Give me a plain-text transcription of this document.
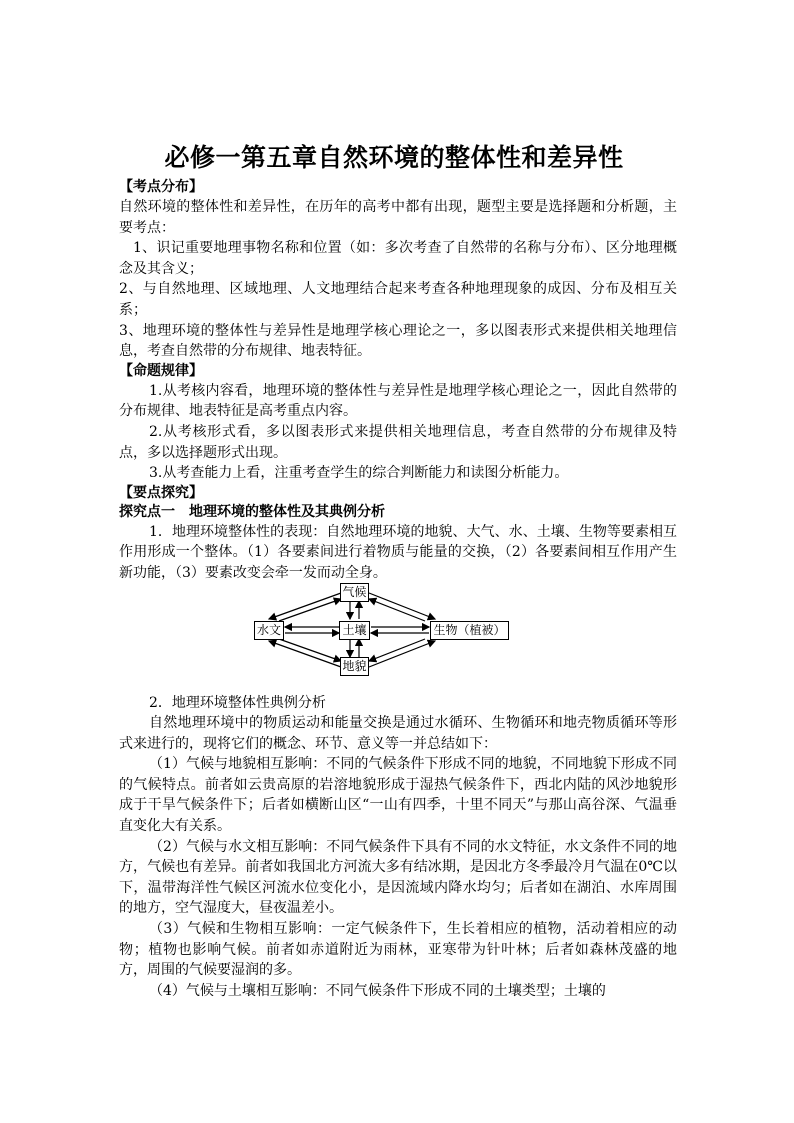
必修一第五章自然环境的整体性和差异性
【考点分布】

自然环境的整体性和差异性，在历年的高考中都有出现，题型主要是选择题和分析题，主要考点：

1、识记重要地理事物名称和位置（如：多次考查了自然带的名称与分布）、区分地理概念及其含义；

2、与自然地理、区域地理、人文地理结合起来考查各种地理现象的成因、分布及相互关系；

3、地理环境的整体性与差异性是地理学核心理论之一，多以图表形式来提供相关地理信息，考查自然带的分布规律、地表特征。

【命题规律】

1.从考核内容看，地理环境的整体性与差异性是地理学核心理论之一，因此自然带的分布规律、地表特征是高考重点内容。

2.从考核形式看，多以图表形式来提供相关地理信息，考查自然带的分布规律及特点，多以选择题形式出现。

3.从考查能力上看，注重考查学生的综合判断能力和读图分析能力。

【要点探究】
探究点一　地理环境的整体性及其典例分析

1．地理环境整体性的表现：自然地理环境的地貌、大气、水、土壤、生物等要素相互作用形成一个整体。（1）各要素间进行着物质与能量的交换，（2）各要素间相互作用产生新功能，（3）要素改变会牵一发而动全身。

气候
水文	土壤	生物（植被）
地貌

2．地理环境整体性典例分析

自然地理环境中的物质运动和能量交换是通过水循环、生物循环和地壳物质循环等形式来进行的，现将它们的概念、环节、意义等一并总结如下：

（1）气候与地貌相互影响：不同的气候条件下形成不同的地貌，不同地貌下形成不同的气候特点。前者如云贵高原的岩溶地貌形成于湿热气候条件下，西北内陆的风沙地貌形成于干旱气候条件下；后者如横断山区“一山有四季，十里不同天”与那山高谷深、气温垂直变化大有关系。

（2）气候与水文相互影响：不同气候条件下具有不同的水文特征，水文条件不同的地方，气候也有差异。前者如我国北方河流大多有结冰期，是因北方冬季最冷月气温在0℃以下，温带海洋性气候区河流水位变化小，是因流域内降水均匀；后者如在湖泊、水库周围的地方，空气湿度大，昼夜温差小。

（3）气候和生物相互影响：一定气候条件下，生长着相应的植物，活动着相应的动物；植物也影响气候。前者如赤道附近为雨林，亚寒带为针叶林；后者如森林茂盛的地方，周围的气候要湿润的多。

（4）气候与土壤相互影响：不同气候条件下形成不同的土壤类型；土壤的
